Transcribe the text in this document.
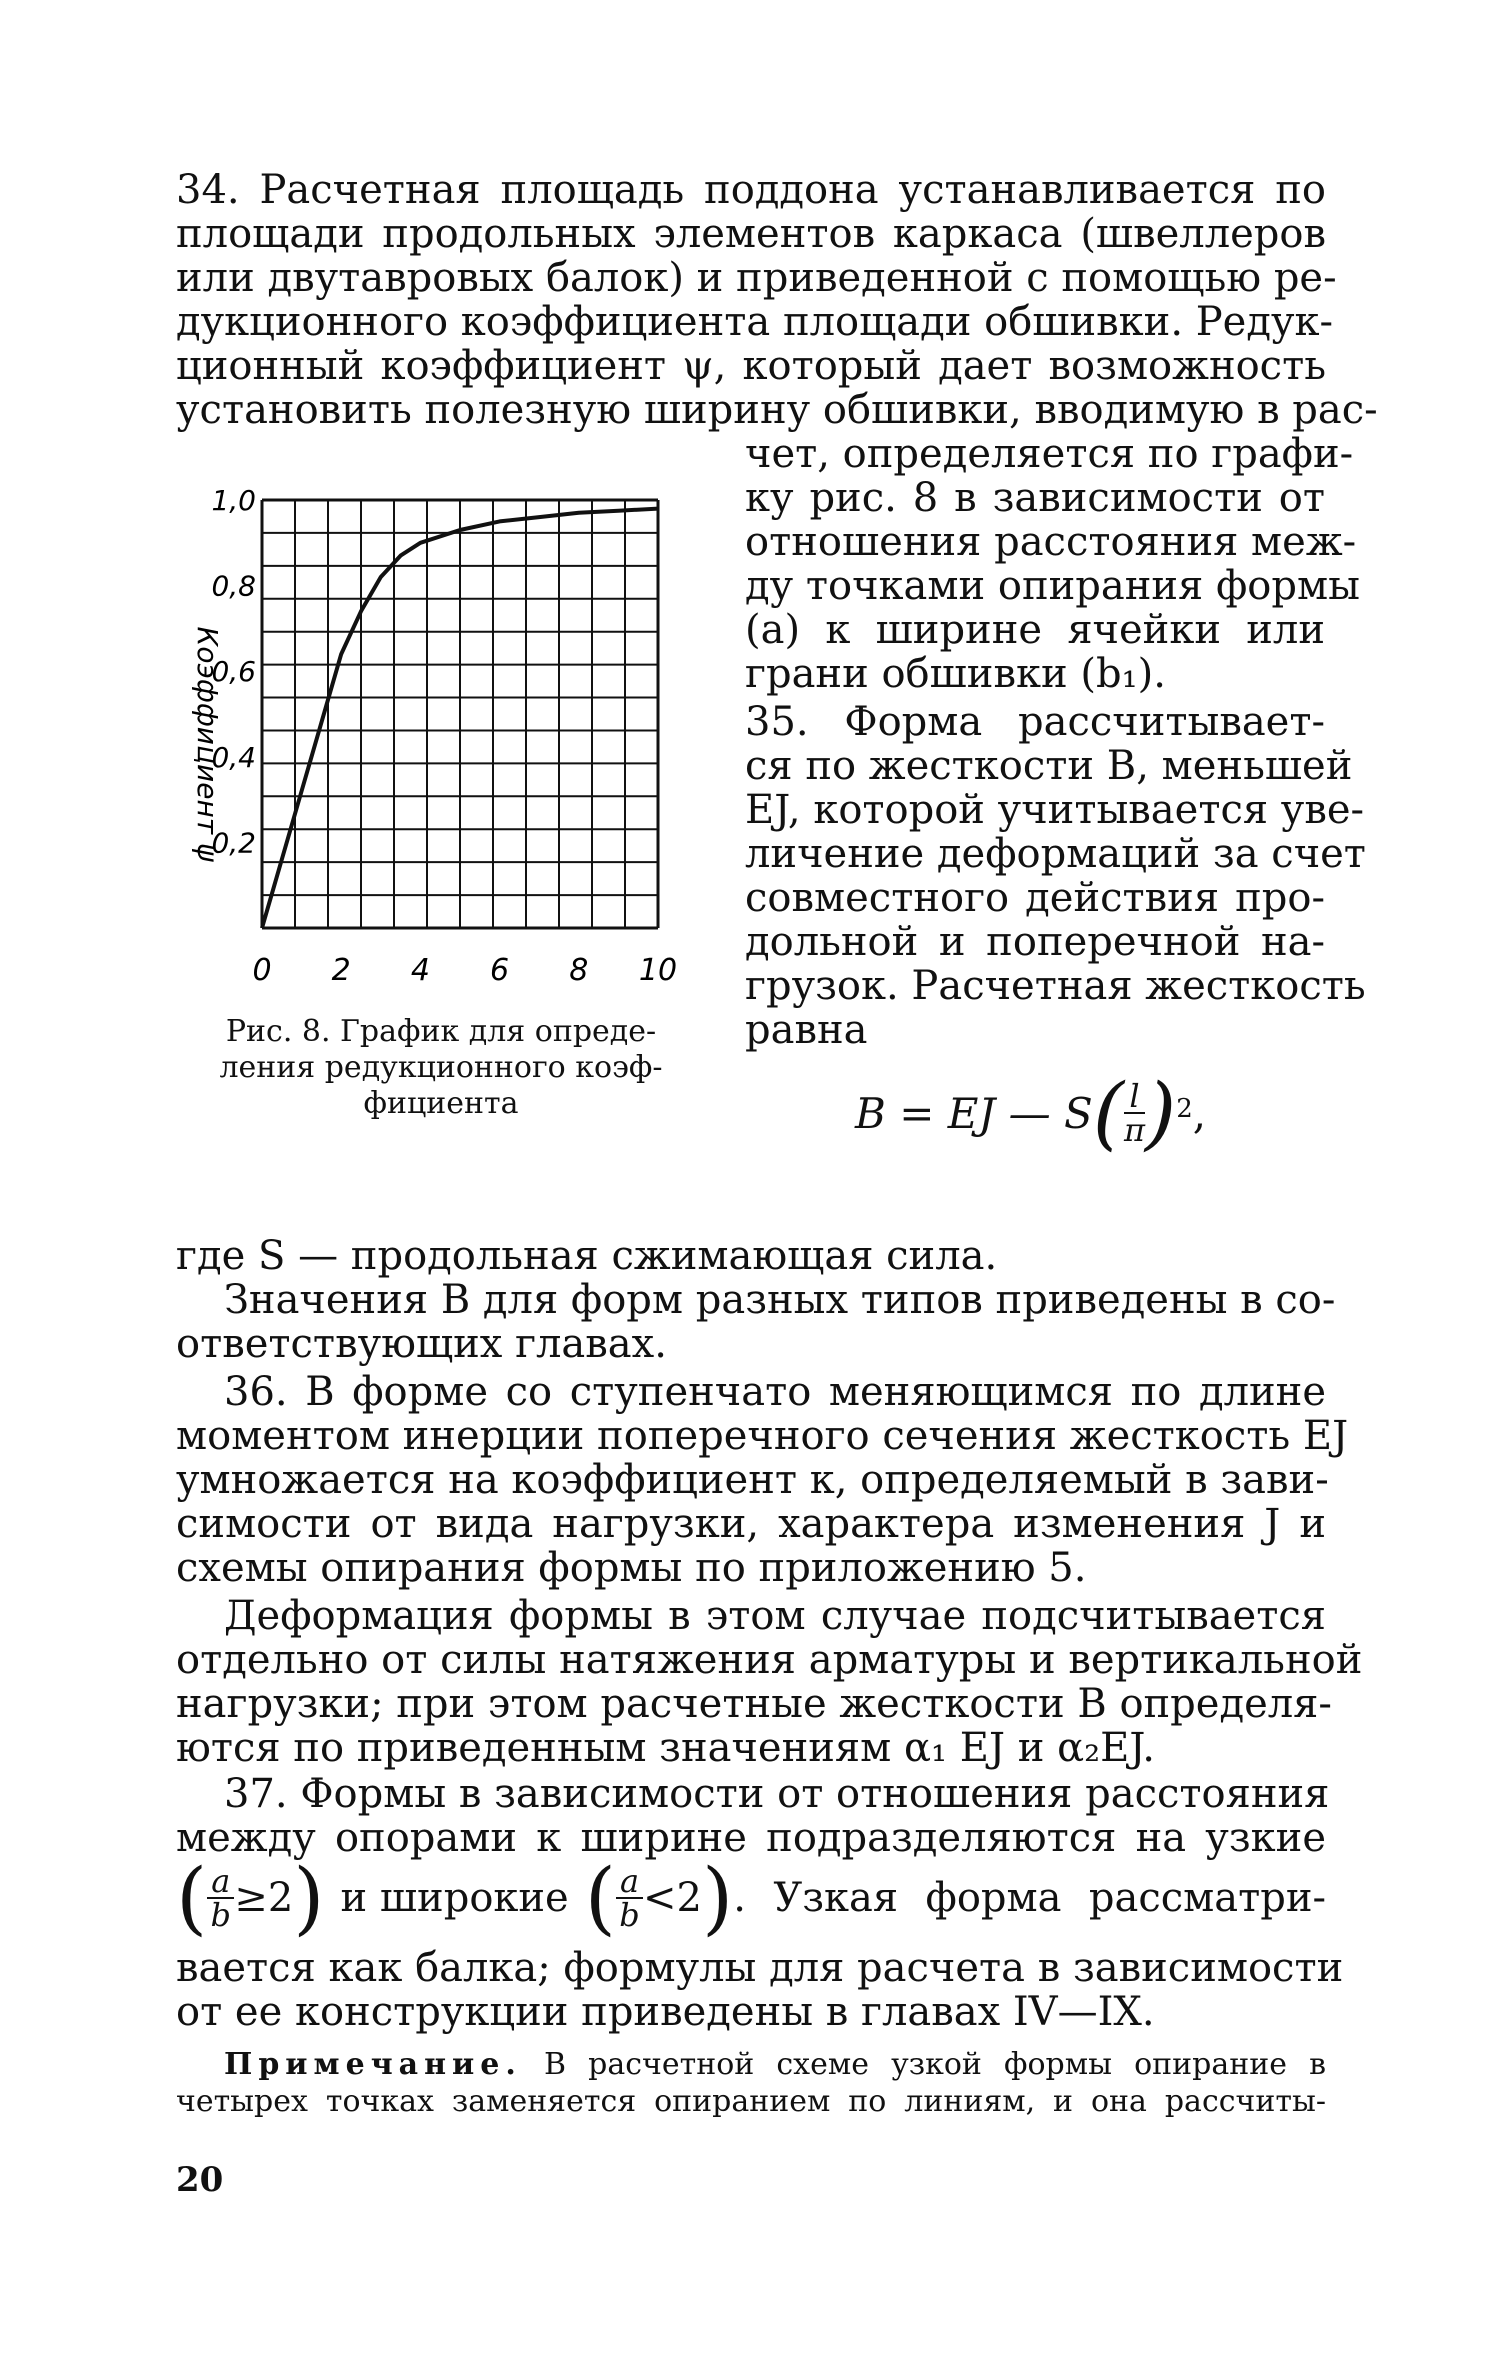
34. Расчетная площадь поддона устанавливается по
площади продольных элементов каркаса (швеллеров
или двутавровых балок) и приведенной с помощью ре-
дукционного коэффициента площади обшивки. Редук-
ционный коэффициент ψ, который дает возможность
установить полезную ширину обшивки, вводимую в рас-
чет, определяется по графи-
ку рис. 8 в зависимости от
отношения расстояния меж-
ду точками опирания формы
(a) к ширине ячейки или
грани обшивки (b₁).
35. Форма рассчитывает-
ся по жесткости B, меньшей
EJ, которой учитывается уве-
личение деформаций за счет
совместного действия про-
дольной и поперечной на-
грузок. Расчетная жесткость
равна
0 2 4 6 8 10
0,2
0,4
0,6
0,8
1,0
Коэффициент ψ
Рис. 8. График для опреде-
ления редукционного коэф-
фициента	B = EJ — S ( $\frac{l}{\pi}$ ) 2 ,
где S — продольная сжимающая сила.
Значения B для форм разных типов приведены в со-
ответствующих главах.
36. В форме со ступенчато меняющимся по длине
моментом инерции поперечного сечения жесткость EJ
умножается на коэффициент κ, определяемый в зави-
симости от вида нагрузки, характера изменения J и
схемы опирания формы по приложению 5.
Деформация формы в этом случае подсчитывается
отдельно от силы натяжения арматуры и вертикальной
нагрузки; при этом расчетные жесткости B определя-
ются по приведенным значениям α₁ EJ и α₂EJ.
37. Формы в зависимости от отношения расстояния
между опорами к ширине подразделяются на узкие
( $\frac{a}{b} \ge 2$ ) и широкие ( $\frac{a}{b} <2$ ) . Узкая форма рассматри-
вается как балка; формулы для расчета в зависимости
от ее конструкции приведены в главах IV—IX.
Примечание. В расчетной схеме узкой формы опирание в
четырех точках заменяется опиранием по линиям, и она рассчиты-
20
